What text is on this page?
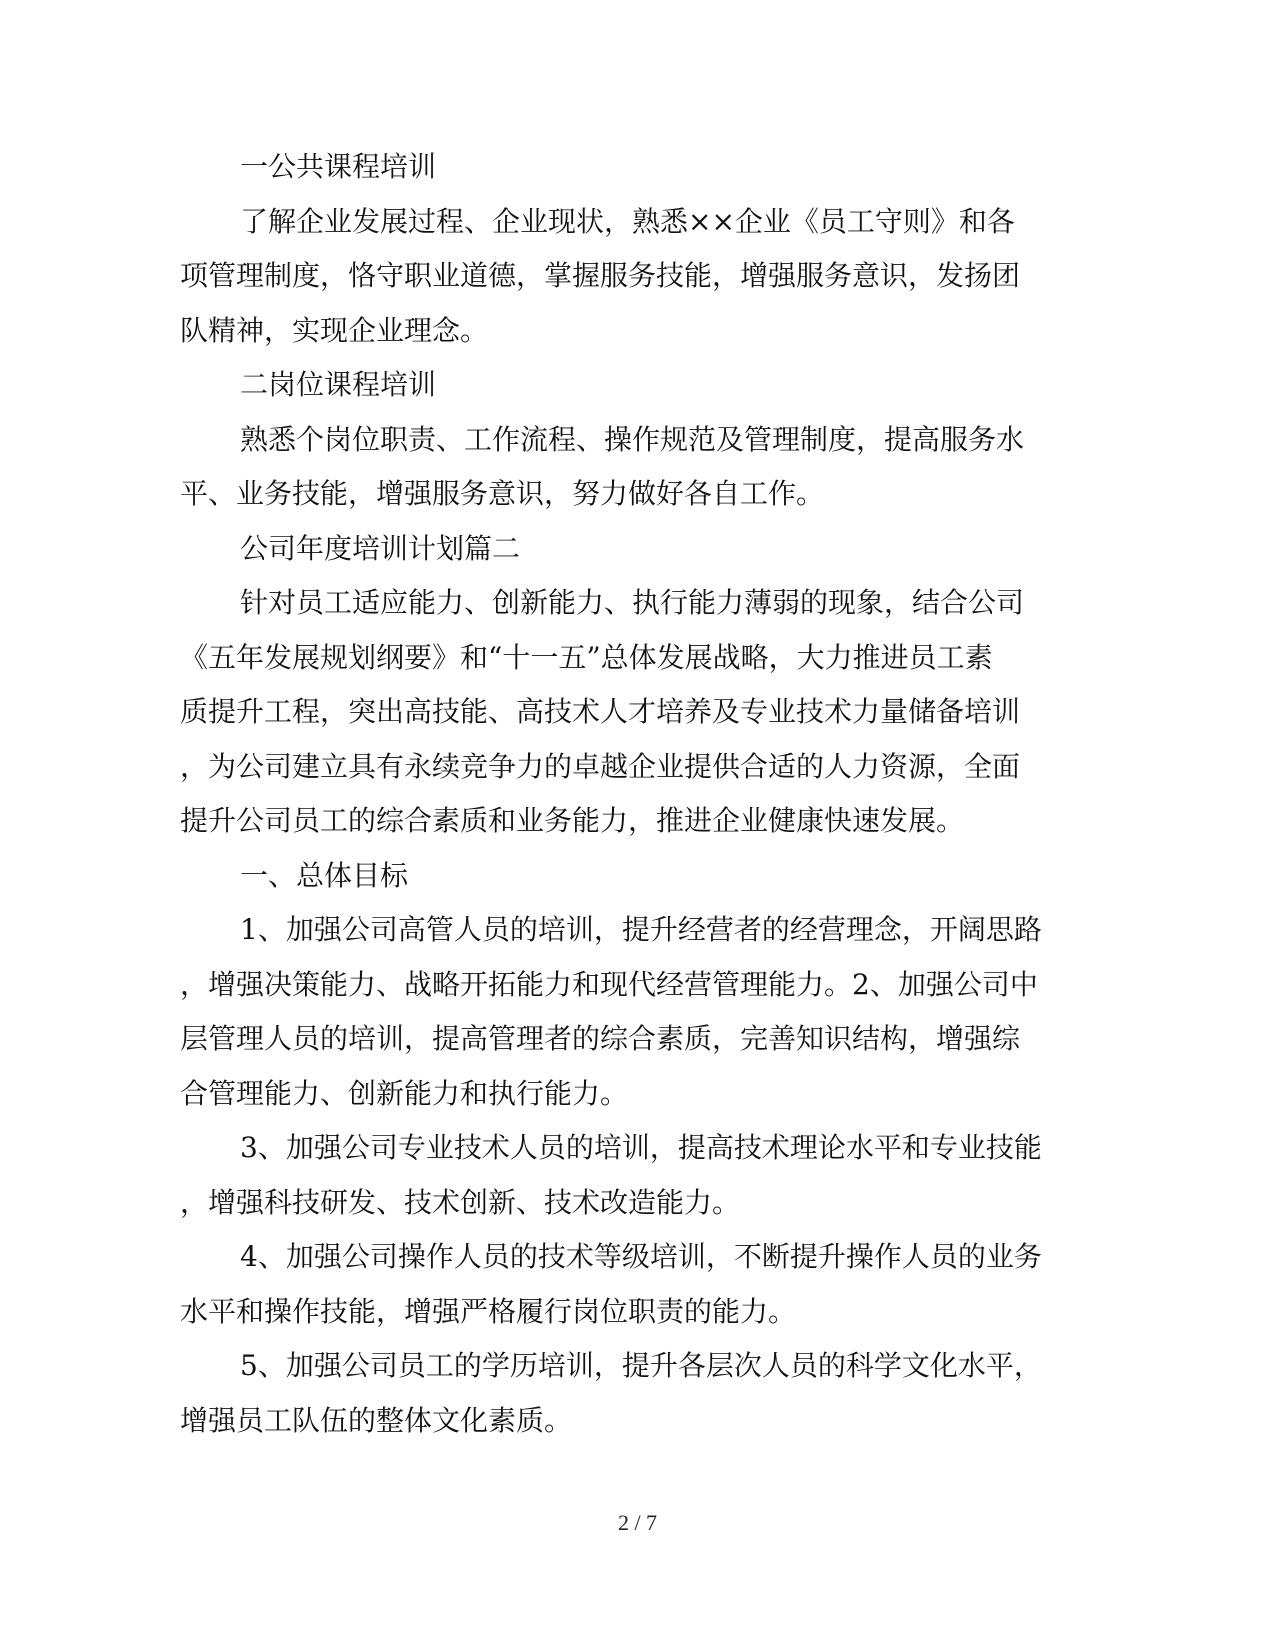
一公共课程培训
了解企业发展过程、企业现状，熟悉××企业《员工守则》和各
项管理制度，恪守职业道德，掌握服务技能，增强服务意识，发扬团
队精神，实现企业理念。
二岗位课程培训
熟悉个岗位职责、工作流程、操作规范及管理制度，提高服务水
平、业务技能，增强服务意识，努力做好各自工作。
公司年度培训计划篇二
针对员工适应能力、创新能力、执行能力薄弱的现象，结合公司
《五年发展规划纲要》和“十一五”总体发展战略，大力推进员工素
质提升工程，突出高技能、高技术人才培养及专业技术力量储备培训
，为公司建立具有永续竞争力的卓越企业提供合适的人力资源，全面
提升公司员工的综合素质和业务能力，推进企业健康快速发展。
一、总体目标
1、加强公司高管人员的培训，提升经营者的经营理念，开阔思路
，增强决策能力、战略开拓能力和现代经营管理能力。2、加强公司中
层管理人员的培训，提高管理者的综合素质，完善知识结构，增强综
合管理能力、创新能力和执行能力。
3、加强公司专业技术人员的培训，提高技术理论水平和专业技能
，增强科技研发、技术创新、技术改造能力。
4、加强公司操作人员的技术等级培训，不断提升操作人员的业务
水平和操作技能，增强严格履行岗位职责的能力。
5、加强公司员工的学历培训，提升各层次人员的科学文化水平，
增强员工队伍的整体文化素质。
2 / 7
